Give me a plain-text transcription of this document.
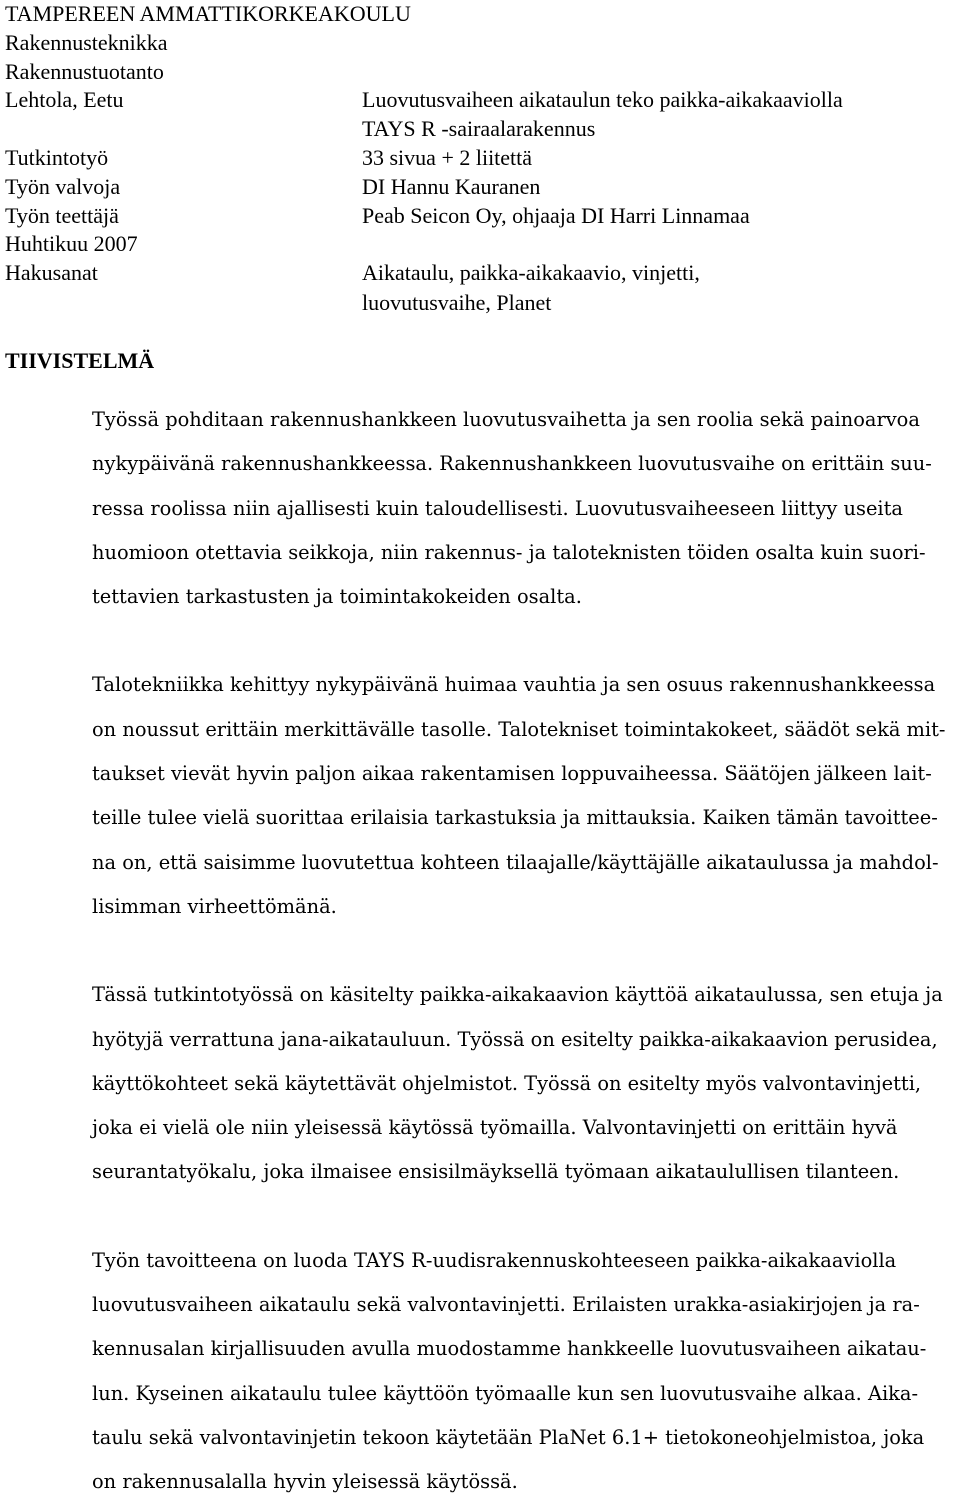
TAMPEREEN AMMATTIKORKEAKOULU
Rakennusteknikka
Rakennustuotanto
Lehtola, Eetu	Luovutusvaiheen aikataulun teko paikka-aikakaaviolla
TAYS R -sairaalarakennus
Tutkintotyö	33 sivua + 2 liitettä
Työn valvoja	DI Hannu Kauranen
Työn teettäjä	Peab Seicon Oy, ohjaaja DI Harri Linnamaa
Huhtikuu 2007
Hakusanat	Aikataulu, paikka-aikakaavio, vinjetti,
luovutusvaihe, Planet
TIIVISTELMÄ

Työssä pohditaan rakennushankkeen luovutusvaihetta ja sen roolia sekä painoarvoa
nykypäivänä rakennushankkeessa. Rakennushankkeen luovutusvaihe on erittäin suu-
ressa roolissa niin ajallisesti kuin taloudellisesti. Luovutusvaiheeseen liittyy useita
huomioon otettavia seikkoja, niin rakennus- ja taloteknisten töiden osalta kuin suori-
tettavien tarkastusten ja toimintakokeiden osalta.

Talotekniikka kehittyy nykypäivänä huimaa vauhtia ja sen osuus rakennushankkeessa
on noussut erittäin merkittävälle tasolle. Talotekniset toimintakokeet, säädöt sekä mit-
taukset vievät hyvin paljon aikaa rakentamisen loppuvaiheessa. Säätöjen jälkeen lait-
teille tulee vielä suorittaa erilaisia tarkastuksia ja mittauksia. Kaiken tämän tavoittee-
na on, että saisimme luovutettua kohteen tilaajalle/käyttäjälle aikataulussa ja mahdol-
lisimman virheettömänä.

Tässä tutkintotyössä on käsitelty paikka-aikakaavion käyttöä aikataulussa, sen etuja ja
hyötyjä verrattuna jana-aikatauluun. Työssä on esitelty paikka-aikakaavion perusidea,
käyttökohteet sekä käytettävät ohjelmistot. Työssä on esitelty myös valvontavinjetti,
joka ei vielä ole niin yleisessä käytössä työmailla. Valvontavinjetti on erittäin hyvä
seurantatyökalu, joka ilmaisee ensisilmäyksellä työmaan aikataulullisen tilanteen.

Työn tavoitteena on luoda TAYS R-uudisrakennuskohteeseen paikka-aikakaaviolla
luovutusvaiheen aikataulu sekä valvontavinjetti. Erilaisten urakka-asiakirjojen ja ra-
kennusalan kirjallisuuden avulla muodostamme hankkeelle luovutusvaiheen aikatau-
lun. Kyseinen aikataulu tulee käyttöön työmaalle kun sen luovutusvaihe alkaa. Aika-
taulu sekä valvontavinjetin tekoon käytetään PlaNet 6.1+ tietokoneohjelmistoa, joka
on rakennusalalla hyvin yleisessä käytössä.
